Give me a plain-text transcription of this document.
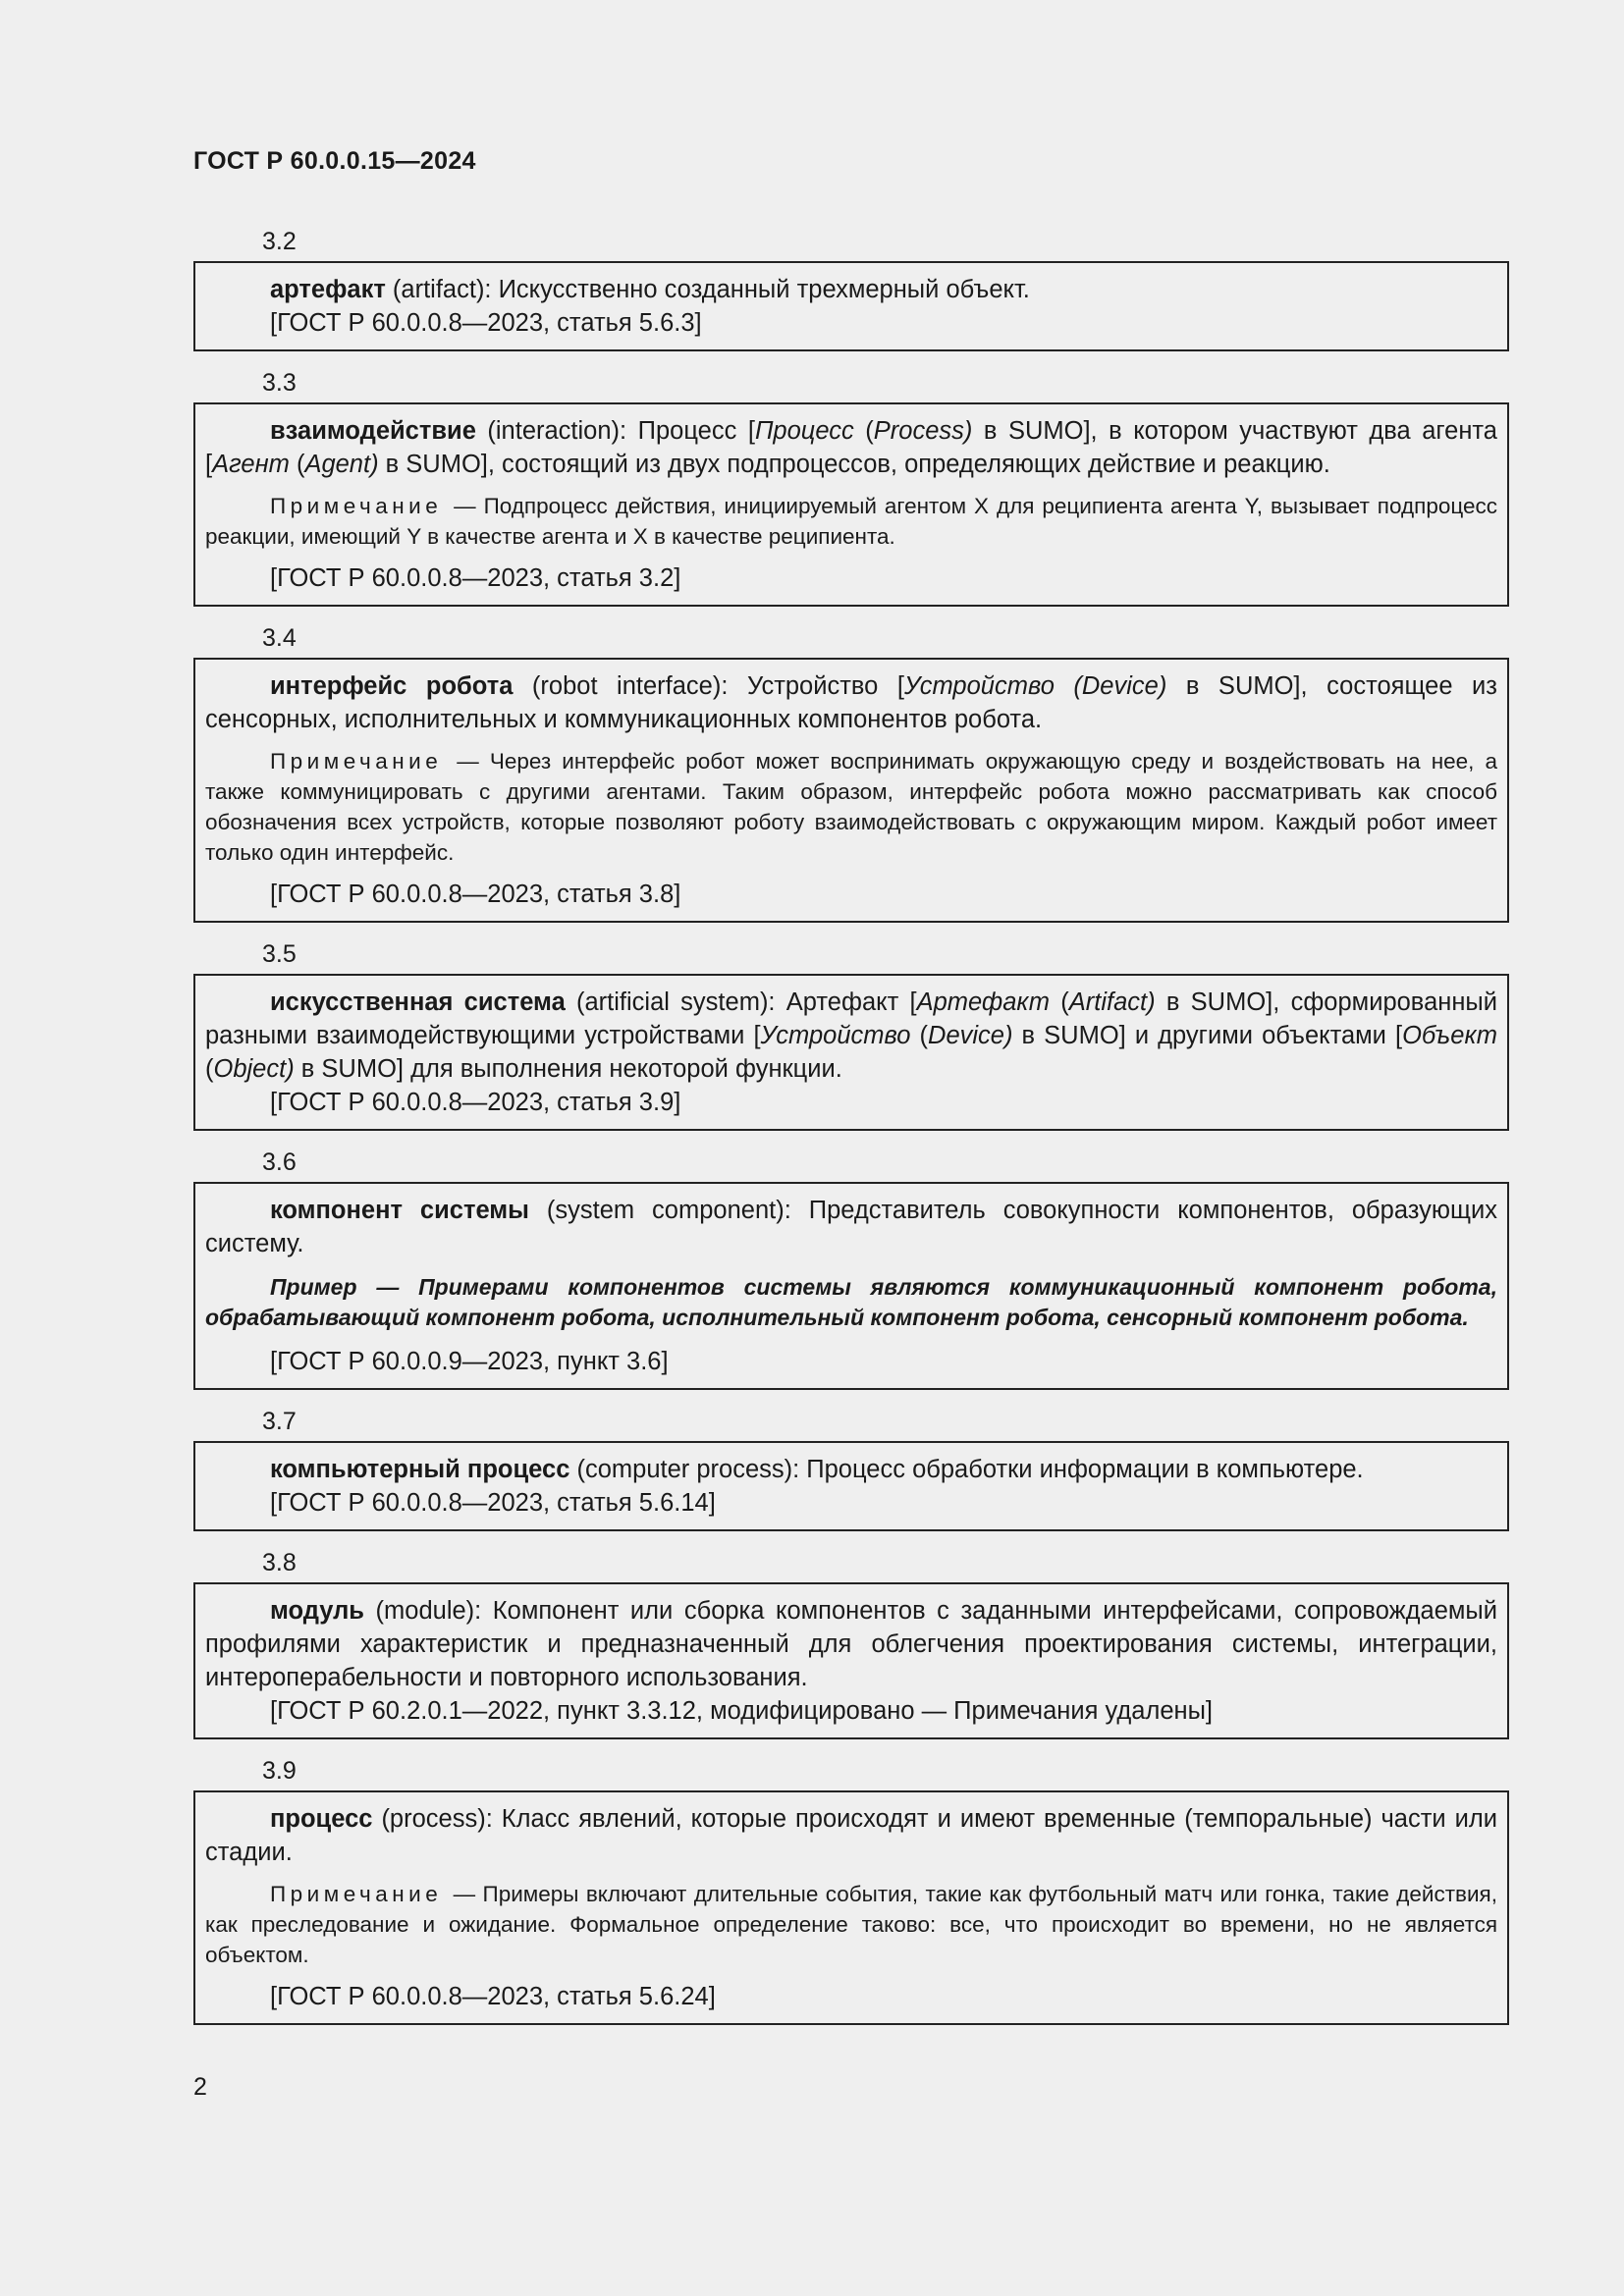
ГОСТ Р 60.0.0.15—2024
3.2

артефакт (artifact): Искусственно созданный трехмерный объект.

[ГОСТ Р 60.0.0.8—2023, статья 5.6.3]

3.3

взаимодействие (interaction): Процесс [Процесс (Process) в SUMO], в котором участвуют два агента [Агент (Agent) в SUMO], состоящий из двух подпроцессов, определяющих действие и реакцию.

Примечание — Подпроцесс действия, инициируемый агентом X для реципиента агента Y, вызывает подпроцесс реакции, имеющий Y в качестве агента и X в качестве реципиента.

[ГОСТ Р 60.0.0.8—2023, статья 3.2]

3.4

интерфейс робота (robot interface): Устройство [Устройство (Device) в SUMO], состоящее из сенсорных, исполнительных и коммуникационных компонентов робота.

Примечание — Через интерфейс робот может воспринимать окружающую среду и воздействовать на нее, а также коммуницировать с другими агентами. Таким образом, интерфейс робота можно рассматривать как способ обозначения всех устройств, которые позволяют роботу взаимодействовать с окружающим миром. Каждый робот имеет только один интерфейс.

[ГОСТ Р 60.0.0.8—2023, статья 3.8]

3.5

искусственная система (artificial system): Артефакт [Артефакт (Artifact) в SUMO], сформированный разными взаимодействующими устройствами [Устройство (Device) в SUMO] и другими объектами [Объект (Object) в SUMO] для выполнения некоторой функции.

[ГОСТ Р 60.0.0.8—2023, статья 3.9]

3.6

компонент системы (system component): Представитель совокупности компонентов, образующих систему.

Пример — Примерами компонентов системы являются коммуникационный компонент робота, обрабатывающий компонент робота, исполнительный компонент робота, сенсорный компонент робота.

[ГОСТ Р 60.0.0.9—2023, пункт 3.6]

3.7

компьютерный процесс (computer process): Процесс обработки информации в компьютере.

[ГОСТ Р 60.0.0.8—2023, статья 5.6.14]

3.8

модуль (module): Компонент или сборка компонентов с заданными интерфейсами, сопровождаемый профилями характеристик и предназначенный для облегчения проектирования системы, интеграции, интероперабельности и повторного использования.

[ГОСТ Р 60.2.0.1—2022, пункт 3.3.12, модифицировано — Примечания удалены]

3.9

процесс (process): Класс явлений, которые происходят и имеют временные (темпоральные) части или стадии.

Примечание — Примеры включают длительные события, такие как футбольный матч или гонка, такие действия, как преследование и ожидание. Формальное определение таково: все, что происходит во времени, но не является объектом.

[ГОСТ Р 60.0.0.8—2023, статья 5.6.24]

2
